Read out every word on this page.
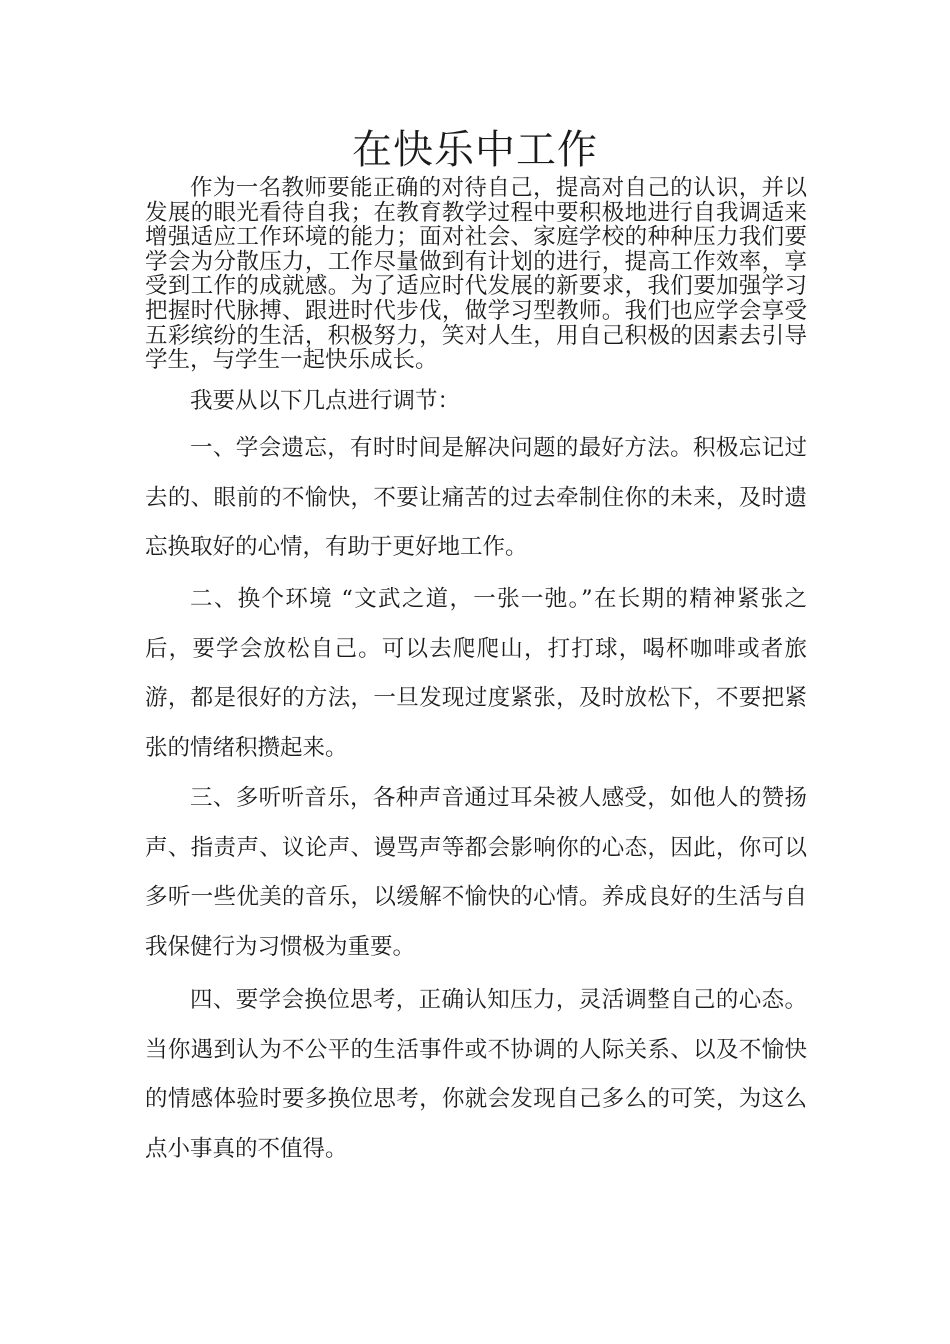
在快乐中工作

作为一名教师要能正确的对待自己，提高对自己的认识，并以发展的眼光看待自我；在教育教学过程中要积极地进行自我调适来增强适应工作环境的能力；面对社会、家庭学校的种种压力我们要学会为分散压力，工作尽量做到有计划的进行，提高工作效率，享受到工作的成就感。为了适应时代发展的新要求，我们要加强学习把握时代脉搏、跟进时代步伐，做学习型教师。我们也应学会享受五彩缤纷的生活，积极努力，笑对人生，用自己积极的因素去引导学生，与学生一起快乐成长。

我要从以下几点进行调节：

一、学会遗忘，有时时间是解决问题的最好方法。积极忘记过去的、眼前的不愉快，不要让痛苦的过去牵制住你的未来，及时遗忘换取好的心情，有助于更好地工作。

二、换个环境 “文武之道，一张一弛。”在长期的精神紧张之后，要学会放松自己。可以去爬爬山，打打球，喝杯咖啡或者旅游，都是很好的方法，一旦发现过度紧张，及时放松下，不要把紧张的情绪积攒起来。

三、多听听音乐，各种声音通过耳朵被人感受，如他人的赞扬声、指责声、议论声、谩骂声等都会影响你的心态，因此，你可以多听一些优美的音乐，以缓解不愉快的心情。养成良好的生活与自我保健行为习惯极为重要。

四、要学会换位思考，正确认知压力，灵活调整自己的心态。当你遇到认为不公平的生活事件或不协调的人际关系、以及不愉快的情感体验时要多换位思考，你就会发现自己多么的可笑，为这么点小事真的不值得。
